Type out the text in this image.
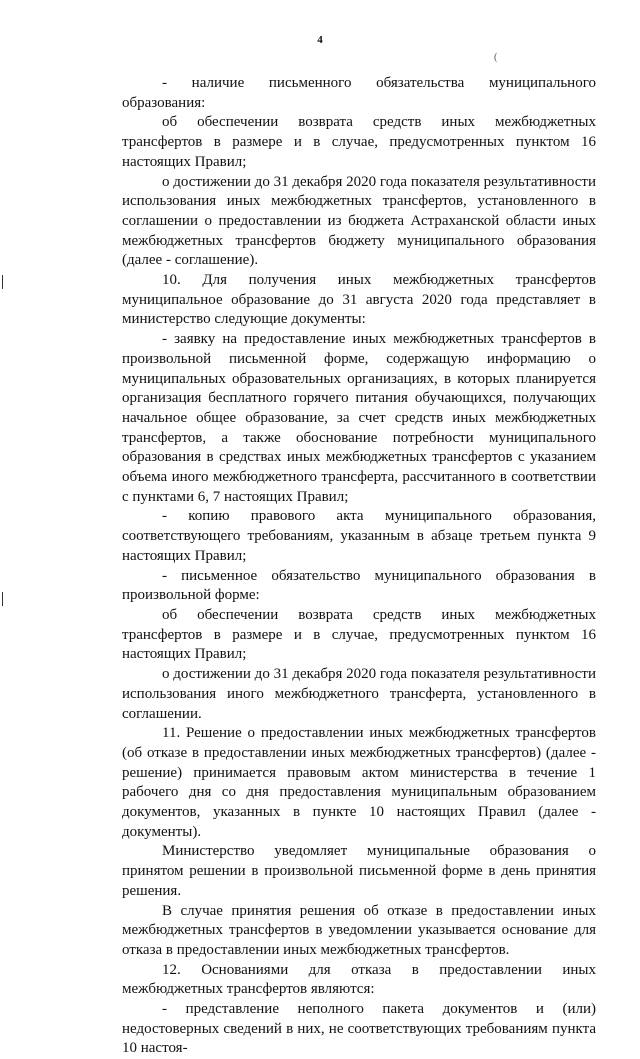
4
(

- наличие письменного обязательства муниципального образования:

об обеспечении возврата средств иных межбюджетных трансфертов в размере и в случае, предусмотренных пунктом 16 настоящих Правил;

о достижении до 31 декабря 2020 года показателя результативности использования иных межбюджетных трансфертов, установленного в соглашении о предоставлении из бюджета Астраханской области иных межбюджетных трансфертов бюджету муниципального образования (далее - соглашение).

10. Для получения иных межбюджетных трансфертов муниципальное образование до 31 августа 2020 года представляет в министерство следующие документы:

- заявку на предоставление иных межбюджетных трансфертов в произвольной письменной форме, содержащую информацию о муниципальных образовательных организациях, в которых планируется организация бесплатного горячего питания обучающихся, получающих начальное общее образование, за счет средств иных межбюджетных трансфертов, а также обоснование потребности муниципального образования в средствах иных межбюджетных трансфертов с указанием объема иного межбюджетного трансферта, рассчитанного в соответствии с пунктами 6, 7 настоящих Правил;

- копию правового акта муниципального образования, соответствующего требованиям, указанным в абзаце третьем пункта 9 настоящих Правил;

- письменное обязательство муниципального образования в произвольной форме:

об обеспечении возврата средств иных межбюджетных трансфертов в размере и в случае, предусмотренных пунктом 16 настоящих Правил;

о достижении до 31 декабря 2020 года показателя результативности использования иного межбюджетного трансферта, установленного в соглашении.

11. Решение о предоставлении иных межбюджетных трансфертов (об отказе в предоставлении иных межбюджетных трансфертов) (далее - решение) принимается правовым актом министерства в течение 1 рабочего дня со дня предоставления муниципальным образованием документов, указанных в пункте 10 настоящих Правил (далее - документы).

Министерство уведомляет муниципальные образования о принятом решении в произвольной письменной форме в день принятия решения.

В случае принятия решения об отказе в предоставлении иных межбюджетных трансфертов в уведомлении указывается основание для отказа в предоставлении иных межбюджетных трансфертов.

12. Основаниями для отказа в предоставлении иных межбюджетных трансфертов являются:

- представление неполного пакета документов и (или) недостоверных сведений в них, не соответствующих требованиям пункта 10 настоя-
